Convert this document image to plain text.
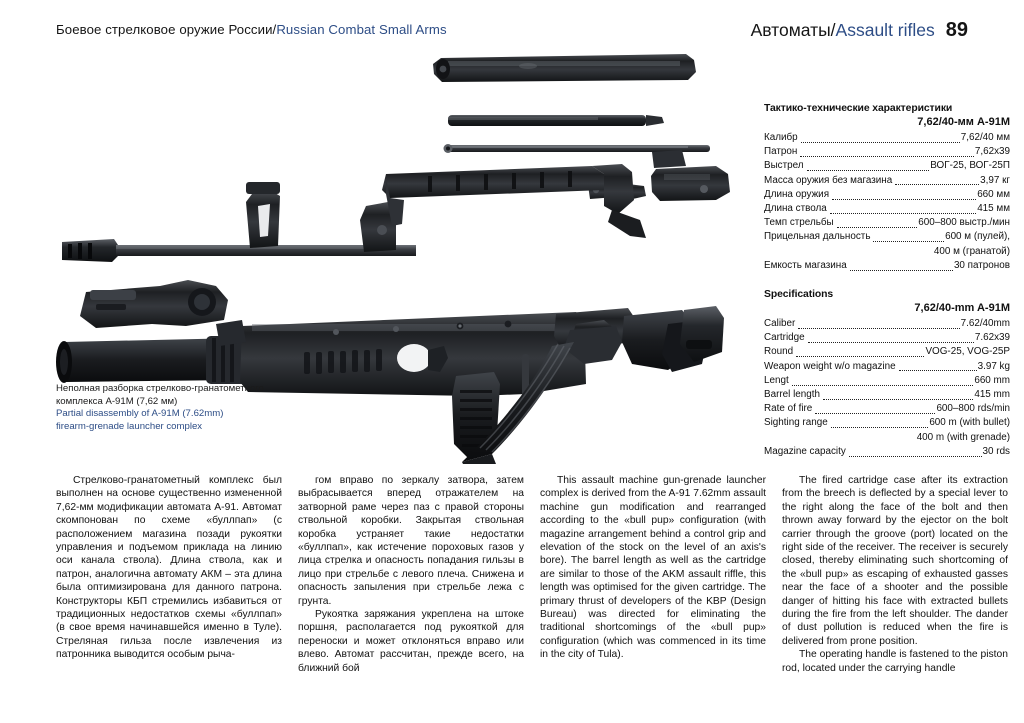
Боевое стрелковое оружие России/Russian Combat Small Arms	Автоматы/Assault rifles 89
Неполная разборка стрелково-гранатометного
комплекса А-91М (7,62 мм)
Partial disassembly of A-91M (7.62mm)
firearm-grenade launcher complex
Тактико-технические характеристики
7,62/40-мм А-91М
Калибр	7,62/40 мм
Патрон	7,62x39
Выстрел	ВОГ-25, ВОГ-25П
Масса оружия без магазина	3,97 кг
Длина оружия	660 мм
Длина ствола	415 мм
Темп стрельбы	600–800 выстр./мин
Прицельная дальность	600 м (пулей),
400 м (гранатой)
Емкость магазина	30 патронов
Specifications
7,62/40-mm A-91M
Caliber	7.62/40mm
Cartridge	7.62x39
Round	VOG-25, VOG-25P
Weapon weight w/o magazine	3.97 kg
Lengt	660 mm
Barrel length	415 mm
Rate of fire	600–800 rds/min
Sighting range	600 m (with bullet)
400 m (with grenade)
Magazine capacity	30 rds

Стрелково-гранатометный комплекс был выполнен на основе существенно измененной 7,62-мм модификации автомата А-91. Автомат скомпонован по схеме «буллпап» (с расположением магазина позади рукоятки управления и подъемом приклада на линию оси канала ствола). Длина ствола, как и патрон, аналогична автомату АКМ – эта длина была оптимизирована для данного патрона. Конструкторы КБП стремились избавиться от традиционных недостатков схемы «буллпап» (в свое время начинавшейся именно в Туле). Стреляная гильза после извлечения из патронника выводится особым рыча-

гом вправо по зеркалу затвора, затем выбрасывается вперед отражателем на затворной раме через паз с правой стороны ствольной коробки. Закрытая ствольная коробка устраняет такие недостатки «буллпап», как истечение пороховых газов у лица стрелка и опасность попадания гильзы в лицо при стрельбе с левого плеча. Снижена и опасность запыления при стрельбе лежа с грунта.

Рукоятка заряжания укреплена на штоке поршня, располагается под рукояткой для переноски и может отклоняться вправо или влево. Автомат рассчитан, прежде всего, на ближний бой

This assault machine gun-grenade launcher complex is derived from the A-91 7.62mm assault machine gun modification and rearranged according to the «bull pup» configuration (with magazine arrangement behind a control grip and elevation of the stock on the level of an axis's bore). The barrel length as well as the cartridge are similar to those of the AKM assault riffle, this length was optimised for the given cartridge. The primary thrust of developers of the KBP (Design Bureau) was directed for eliminating the traditional shortcomings of the «bull pup» configuration (which was commenced in its time in the city of Tula).

The fired cartridge case after its extraction from the breech is deflected by a special lever to the right along the face of the bolt and then thrown away forward by the ejector on the bolt carrier through the groove (port) located on the right side of the receiver. The receiver is securely closed, thereby eliminating such shortcoming of the «bull pup» as escaping of exhausted gasses near the face of a shooter and the possible danger of hitting his face with extracted bullets during the fire from the left shoulder. The dander of dust pollution is reduced when the fire is delivered from prone position.

The operating handle is fastened to the piston rod, located under the carrying handle
